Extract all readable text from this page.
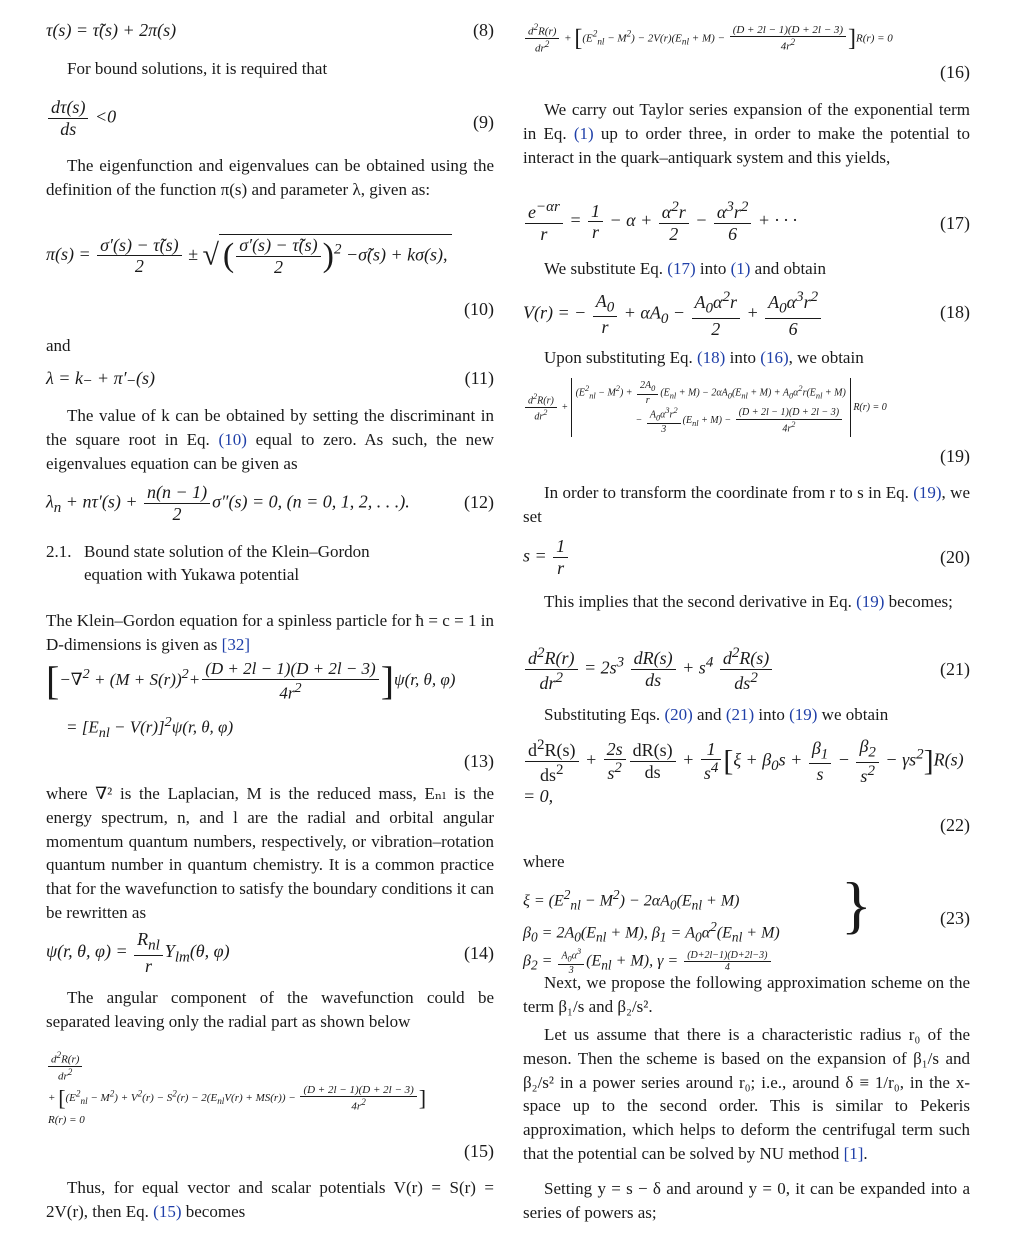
τ(s) = τ̃(s) + 2π(s)	(8)

For bound solutions, it is required that

$\frac{d\tau(s)}{ds} <0$	(9)

The eigenfunction and eigenvalues can be obtained using the definition of the function π(s) and parameter λ, given as:

$\pi(s) = \frac{\sigma'(s) - \taũ(s)}{2}$ ± √ ( $\frac{\sigma'(s) - \taũ(s)}{2} )^2$ −σ̃(s) + kσ(s),
(10)

and

λ = k₋ + π′₋(s)	(11)

The value of k can be obtained by setting the discriminant in the square root in Eq. (10) equal to zero. As such, the new eigenvalues equation can be given as

$\lambda_n + n\tau'(s) + \frac{n(n - 1)}{2} \sigma''(s) = 0$, (n = 0, 1, 2, . . .).	(12)
2.1. Bound state solution of the Klein–Gordon equation with Yukawa potential

The Klein–Gordon equation for a spinless particle for ħ = c = 1 in D-dimensions is given as [32]

$[-\nabla^2 + (M + S(r))^2+ \frac{(D + 2l - 1)(D + 2l - 3)}{4r^2} ]\psi(r$, θ, φ)
= $[E_{nl} - V(r)]^2\psi(r$, θ, φ)
(13)

where ∇² is the Laplacian, M is the reduced mass, Eₙₗ is the energy spectrum, n, and l are the radial and orbital angular momentum quantum numbers, respectively, or vibration–rotation quantum number in quantum chemistry. It is a common practice that for the wavefunction to satisfy the boundary conditions it can be rewritten as

ψ(r, θ, $\varphi) = \frac{R_{nl}}{r} Y_{lm}(\theta$, φ)	(14)

The angular component of the wavefunction could be separated leaving only the radial part as shown below

$\frac{d^2R(r)}{dr^2}$

+ [$(E^2_{nl} - M^2) + V^2(r) - S^2(r) - 2(E_{nl}V(r) + MS(r)) - \frac{(D + 2l - 1)(D + 2l - 3)}{4r^2}$ ]
R(r) = 0
(15)

Thus, for equal vector and scalar potentials V(r) = S(r) = 2V(r), then Eq. (15) becomes

$\frac{d^2R(r)}{dr^2} + [(E^2_{nl} - M^2) - 2V(r)(E_{nl} + M) - \frac{(D + 2l - 1)(D + 2l - 3)}{4r^2} ]R(r) = 0$
(16)

We carry out Taylor series expansion of the exponential term in Eq. (1) up to order three, in order to make the potential to interact in the quark–antiquark system and this yields,

$\frac{e^{-\alpha r}}{r} = \frac{1}{r} - \alpha + \frac{\alpha^2r}{2} - \frac{\alpha^3r^2}{6}$ + · · ·	(17)

We substitute Eq. (17) into (1) and obtain

V(r) = − $\frac{A_0}{r} + \alpha A_0 - \frac{A_0\alpha^2r}{2} + \frac{A_0\alpha^3r^2}{6}$	(18)

Upon substituting Eq. (18) into (16), we obtain

$\frac{d^2R(r)}{dr^2}$ +
$(E^2_{nl} - M^2) + \frac{2A_0}{r} (E_{nl} + M) - 2\alpha A_0(E_{nl} + M) + A_0\alpha^2r(E_{nl} + M)$
− $\frac{A_0\alpha^3r^2}{3} (E_{nl} + M) - \frac{(D + 2l - 1)(D + 2l - 3)}{4r^2} R(r) = 0$
(19)

In order to transform the coordinate from r to s in Eq. (19), we set

$s = \frac{1}{r}$	(20)

This implies that the second derivative in Eq. (19) becomes;

$\frac{d^2R(r)}{dr^2} = 2s^3 \frac{dR(s)}{ds} + s^4 \frac{d^2R(s)}{ds^2}$	(21)

Substituting Eqs. (20) and (21) into (19) we obtain

$\frac{d^2R(s)}{ds^2} + \frac{2s}{s^2} \frac{dR(s)}{ds} + \frac{1}{s^4} [\xi + \beta_0s + \frac{\beta_1}{s} - \frac{\beta_2}{s^2} - \gamma s^2]R(s)$
= 0,
(22)

where

$\xi = (E^2_{nl} - M^2) - 2\alpha A_0(E_{nl} + M)$
$\beta_0 = 2A_0(E_{nl} + M)$, $\beta_1 = A_0\alpha^2(E_{nl} + M)$
$\beta_2 = \frac{A_0\alpha^3}{3} (E_{nl} + M)$, $\gamma = \frac{(D+2l-1)(D+2l-3)}{4}$
}	(23)

Next, we propose the following approximation scheme on the term β₁/s and β₂/s².

Let us assume that there is a characteristic radius r₀ of the meson. Then the scheme is based on the expansion of β₁/s and β₂/s² in a power series around r₀; i.e., around δ ≡ 1/r₀, in the x-space up to the second order. This is similar to Pekeris approximation, which helps to deform the centrifugal term such that the potential can be solved by NU method [1].

Setting y = s − δ and around y = 0, it can be expanded into a series of powers as;
